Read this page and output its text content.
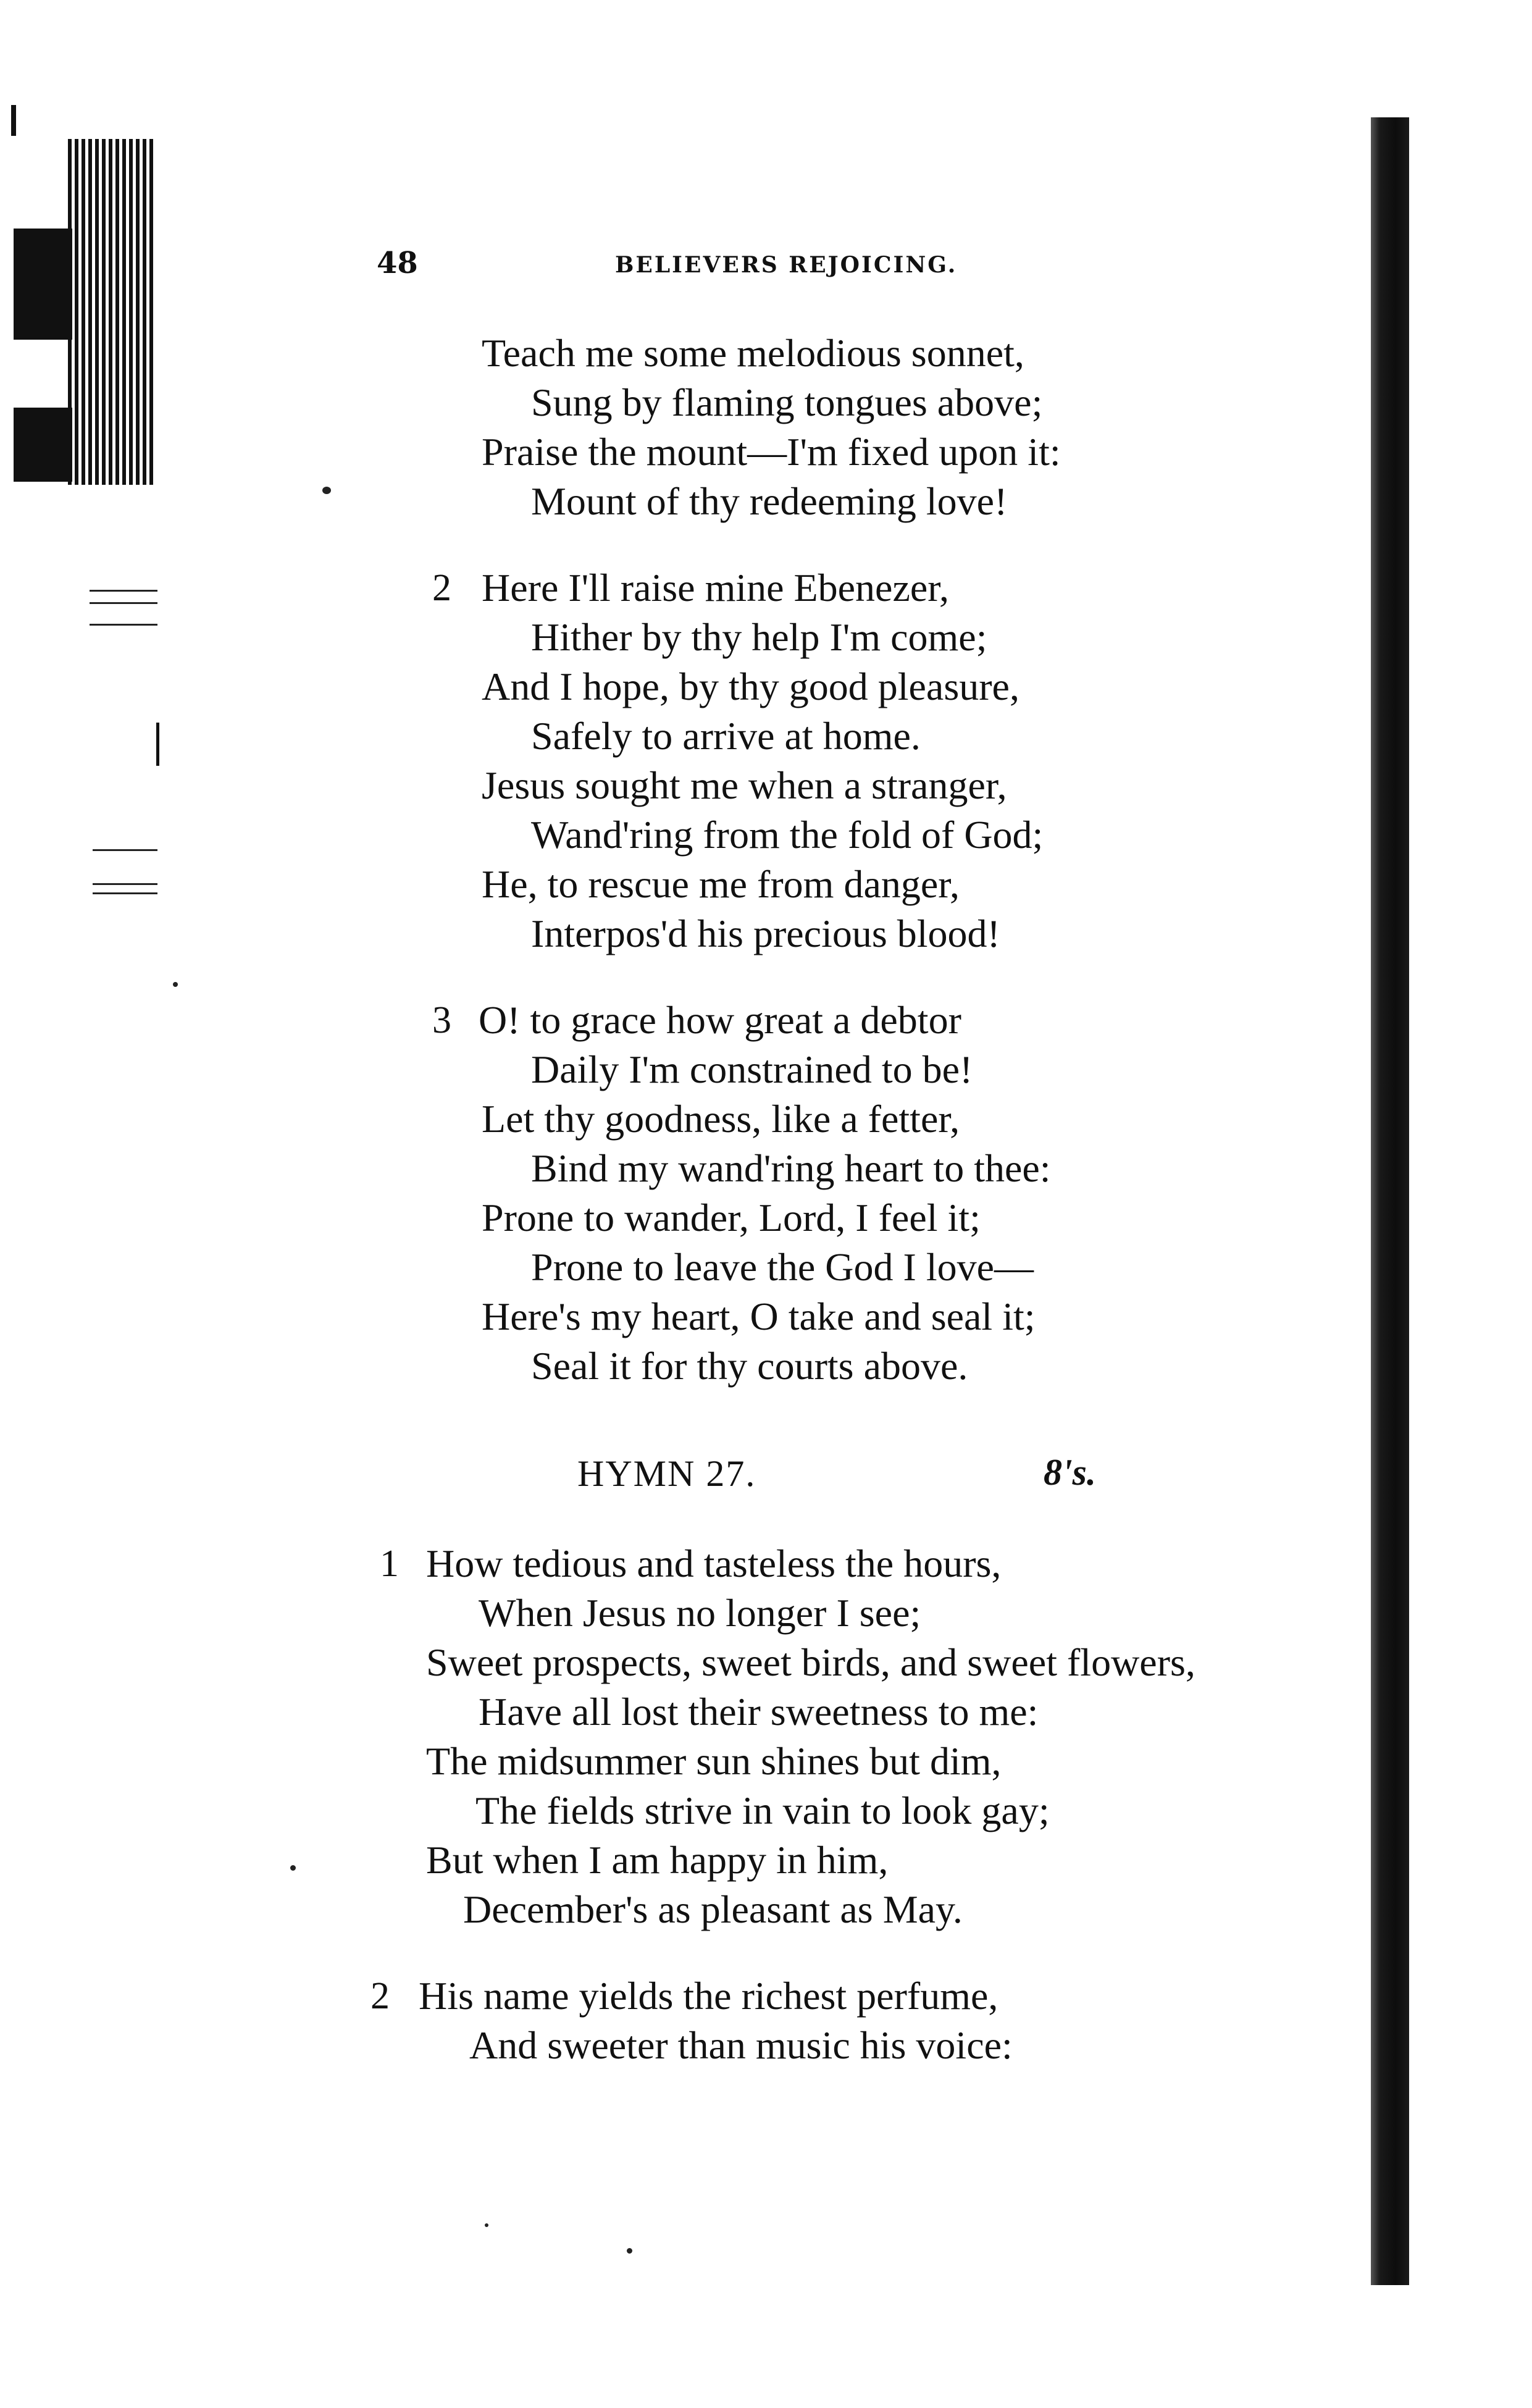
48	BELIEVERS REJOICING.
Teach me some melodious sonnet,
Sung by flaming tongues above;
Praise the mount—I'm fixed upon it:
Mount of thy redeeming love!
2 Here I'll raise mine Ebenezer,
Hither by thy help I'm come;
And I hope, by thy good pleasure,
Safely to arrive at home.
Jesus sought me when a stranger,
Wand'ring from the fold of God;
He, to rescue me from danger,
Interpos'd his precious blood!
3 O! to grace how great a debtor
Daily I'm constrained to be!
Let thy goodness, like a fetter,
Bind my wand'ring heart to thee:
Prone to wander, Lord, I feel it;
Prone to leave the God I love—
Here's my heart, O take and seal it;
Seal it for thy courts above.
HYMN 27.	8's.
1 How tedious and tasteless the hours,
When Jesus no longer I see;
Sweet prospects, sweet birds, and sweet flowers,
Have all lost their sweetness to me:
The midsummer sun shines but dim,
The fields strive in vain to look gay;
But when I am happy in him,
December's as pleasant as May.
2 His name yields the richest perfume,
And sweeter than music his voice:
